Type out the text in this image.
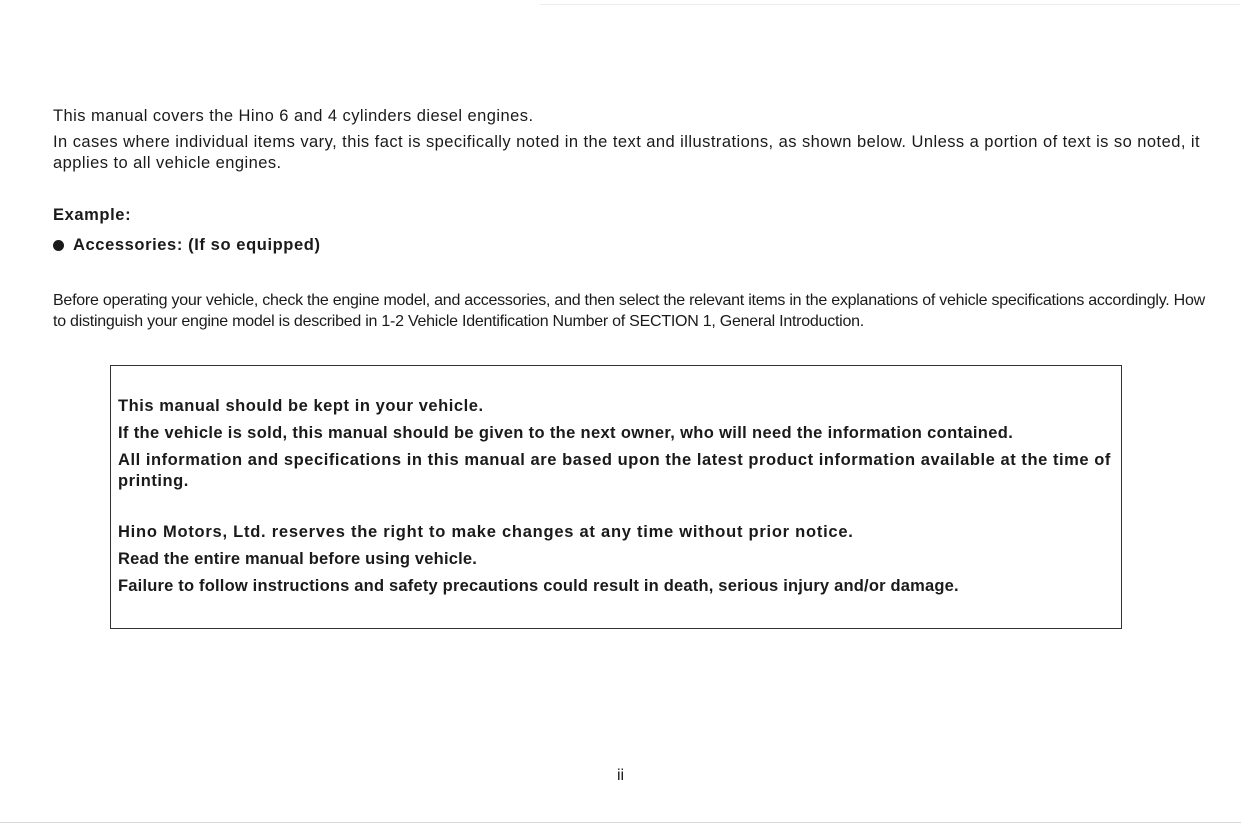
This manual covers the Hino 6 and 4 cylinders diesel engines.

In cases where individual items vary, this fact is specifically noted in the text and illustrations, as shown below. Unless a portion of text is so noted, it applies to all vehicle engines.

Example:
Accessories: (If so equipped)

Before operating your vehicle, check the engine model, and accessories, and then select the relevant items in the explanations of vehicle specifications accordingly. How to distinguish your engine model is described in 1-2 Vehicle Identification Number of SECTION 1, General Introduction.

This manual should be kept in your vehicle.

If the vehicle is sold, this manual should be given to the next owner, who will need the information contained.

All information and specifications in this manual are based upon the latest product information available at the time of printing.

Hino Motors, Ltd. reserves the right to make changes at any time without prior notice.

Read the entire manual before using vehicle.

Failure to follow instructions and safety precautions could result in death, serious injury and/or damage.

ii
